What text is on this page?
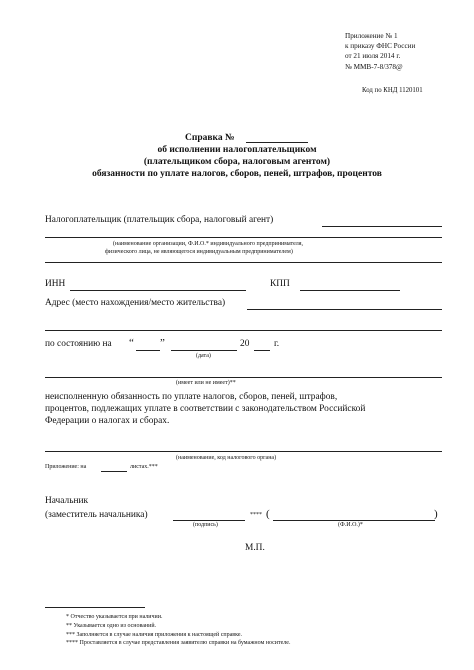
Приложение № 1
к приказу ФНС России
от 21 июля 2014 г.
№ ММВ-7-8/378@
Код по КНД 1120101
Справка №
об исполнении налогоплательщиком
(плательщиком сбора, налоговым агентом)
обязанности по уплате налогов, сборов, пеней, штрафов, процентов
Налогоплательщик (плательщик сбора, налоговый агент)
(наименование организации, Ф.И.О.* индивидуального предпринимателя,
физического лица, не являющегося индивидуальным предпринимателем)
ИНН	КПП
Адрес (место нахождения/место жительства)
по состоянию на “ ”	20	г.
(дата)
(имеет или не имеет)**
неисполненную обязанность по уплате налогов, сборов, пеней, штрафов,
процентов, подлежащих уплате в соответствии с законодательством Российской
Федерации о налогах и сборах.
(наименование, код налогового органа)
Приложение: на	листах.***
Начальник
(заместитель начальника)
(подпись)
**** (	)
(Ф.И.О.)*
М.П.
* Отчество указывается при наличии.
** Указывается одно из оснований.
*** Заполняется в случае наличия приложения к настоящей справке.
**** Проставляется в случае представления заявителю справки на бумажном носителе.
